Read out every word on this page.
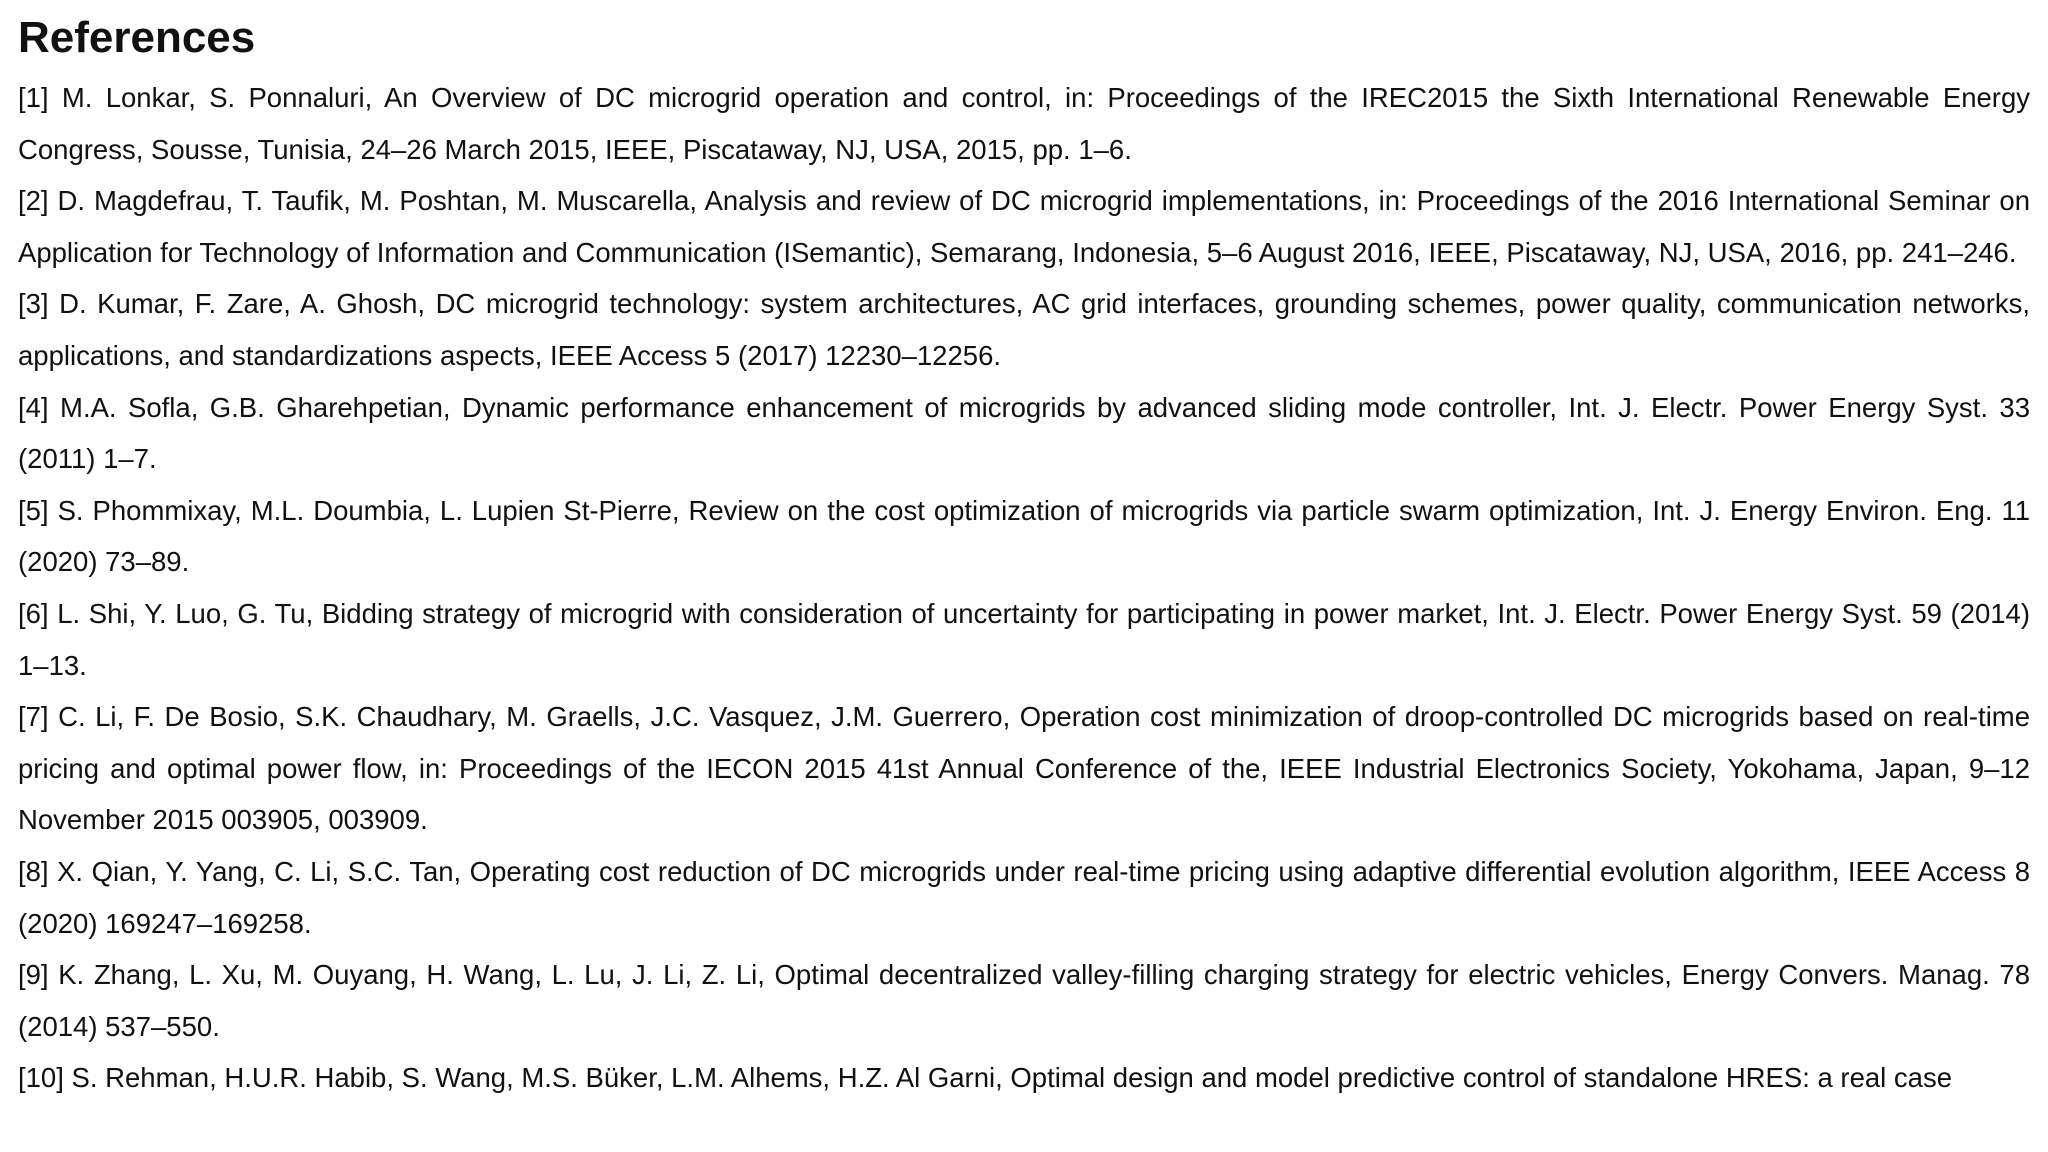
References

[1] M. Lonkar, S. Ponnaluri, An Overview of DC microgrid operation and control, in: Proceedings of the IREC2015 the Sixth International Renewable Energy Congress, Sousse, Tunisia, 24–26 March 2015, IEEE, Piscataway, NJ, USA, 2015, pp. 1–6.

[2] D. Magdefrau, T. Taufik, M. Poshtan, M. Muscarella, Analysis and review of DC microgrid implementations, in: Proceedings of the 2016 International Seminar on Application for Technology of Information and Communication (ISemantic), Semarang, Indonesia, 5–6 August 2016, IEEE, Piscataway, NJ, USA, 2016, pp. 241–246.

[3] D. Kumar, F. Zare, A. Ghosh, DC microgrid technology: system architectures, AC grid interfaces, grounding schemes, power quality, communication networks, applications, and standardizations aspects, IEEE Access 5 (2017) 12230–12256.

[4] M.A. Sofla, G.B. Gharehpetian, Dynamic performance enhancement of microgrids by advanced sliding mode controller, Int. J. Electr. Power Energy Syst. 33 (2011) 1–7.

[5] S. Phommixay, M.L. Doumbia, L. Lupien St-Pierre, Review on the cost optimization of microgrids via particle swarm optimization, Int. J. Energy Environ. Eng. 11 (2020) 73–89.

[6] L. Shi, Y. Luo, G. Tu, Bidding strategy of microgrid with consideration of uncertainty for participating in power market, Int. J. Electr. Power Energy Syst. 59 (2014) 1–13.

[7] C. Li, F. De Bosio, S.K. Chaudhary, M. Graells, J.C. Vasquez, J.M. Guerrero, Operation cost minimization of droop-controlled DC microgrids based on real-time pricing and optimal power flow, in: Proceedings of the IECON 2015 41st Annual Conference of the, IEEE Industrial Electronics Society, Yokohama, Japan, 9–12 November 2015 003905, 003909.

[8] X. Qian, Y. Yang, C. Li, S.C. Tan, Operating cost reduction of DC microgrids under real-time pricing using adaptive differential evolution algorithm, IEEE Access 8 (2020) 169247–169258.

[9] K. Zhang, L. Xu, M. Ouyang, H. Wang, L. Lu, J. Li, Z. Li, Optimal decentralized valley-filling charging strategy for electric vehicles, Energy Convers. Manag. 78 (2014) 537–550.

[10] S. Rehman, H.U.R. Habib, S. Wang, M.S. Büker, L.M. Alhems, H.Z. Al Garni, Optimal design and model predictive control of standalone HRES: a real case
